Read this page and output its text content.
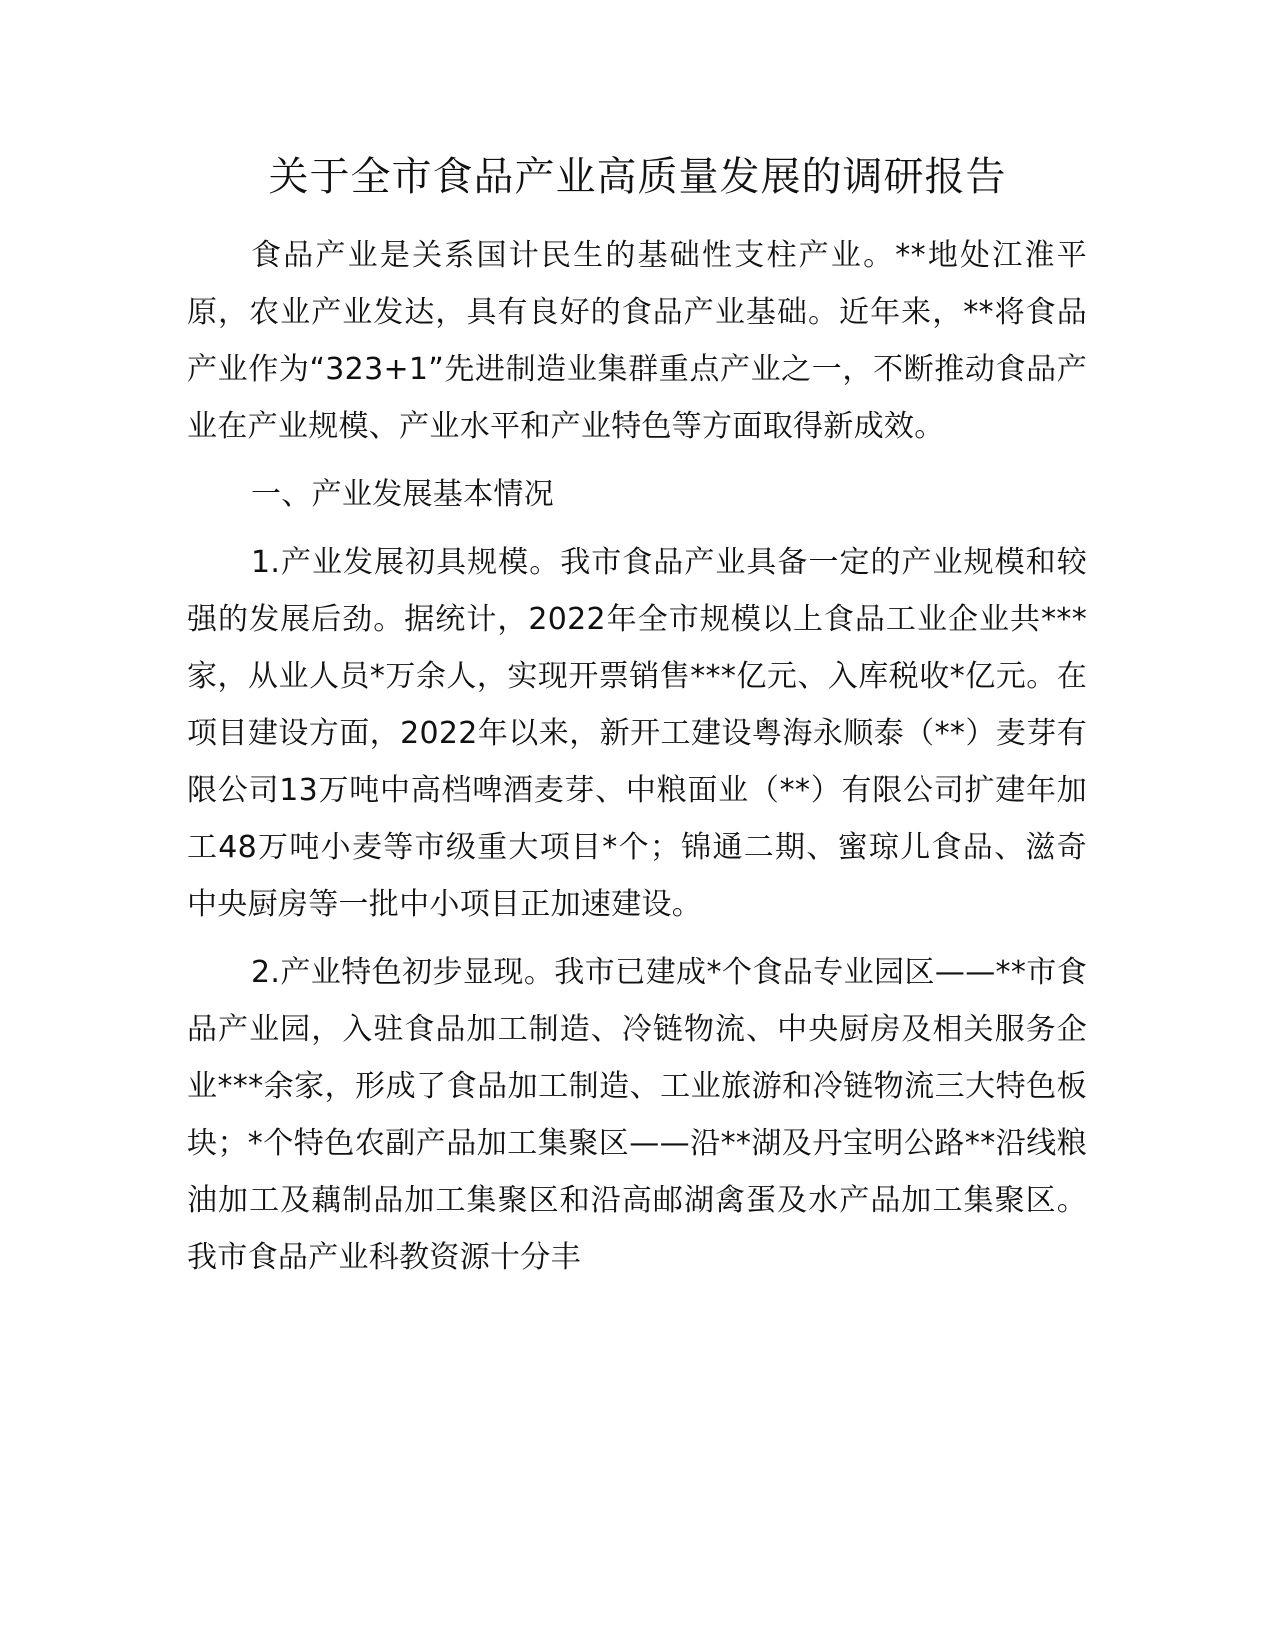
关于全市食品产业高质量发展的调研报告

食品产业是关系国计民生的基础性支柱产业。**地处江淮平原，农业产业发达，具有良好的食品产业基础。近年来，**将食品产业作为“323+1”先进制造业集群重点产业之一，不断推动食品产业在产业规模、产业水平和产业特色等方面取得新成效。

一、产业发展基本情况

1.产业发展初具规模。我市食品产业具备一定的产业规模和较强的发展后劲。据统计，2022年全市规模以上食品工业企业共***家，从业人员*万余人，实现开票销售***亿元、入库税收*亿元。在项目建设方面，2022年以来，新开工建设粤海永顺泰（**）麦芽有限公司13万吨中高档啤酒麦芽、中粮面业（**）有限公司扩建年加工48万吨小麦等市级重大项目*个；锦通二期、蜜琼儿食品、滋奇中央厨房等一批中小项目正加速建设。

2.产业特色初步显现。我市已建成*个食品专业园区——**市食品产业园，入驻食品加工制造、冷链物流、中央厨房及相关服务企业***余家，形成了食品加工制造、工业旅游和冷链物流三大特色板块；*个特色农副产品加工集聚区——沿**湖及丹宝明公路**沿线粮油加工及藕制品加工集聚区和沿高邮湖禽蛋及水产品加工集聚区。我市食品产业科教资源十分丰
